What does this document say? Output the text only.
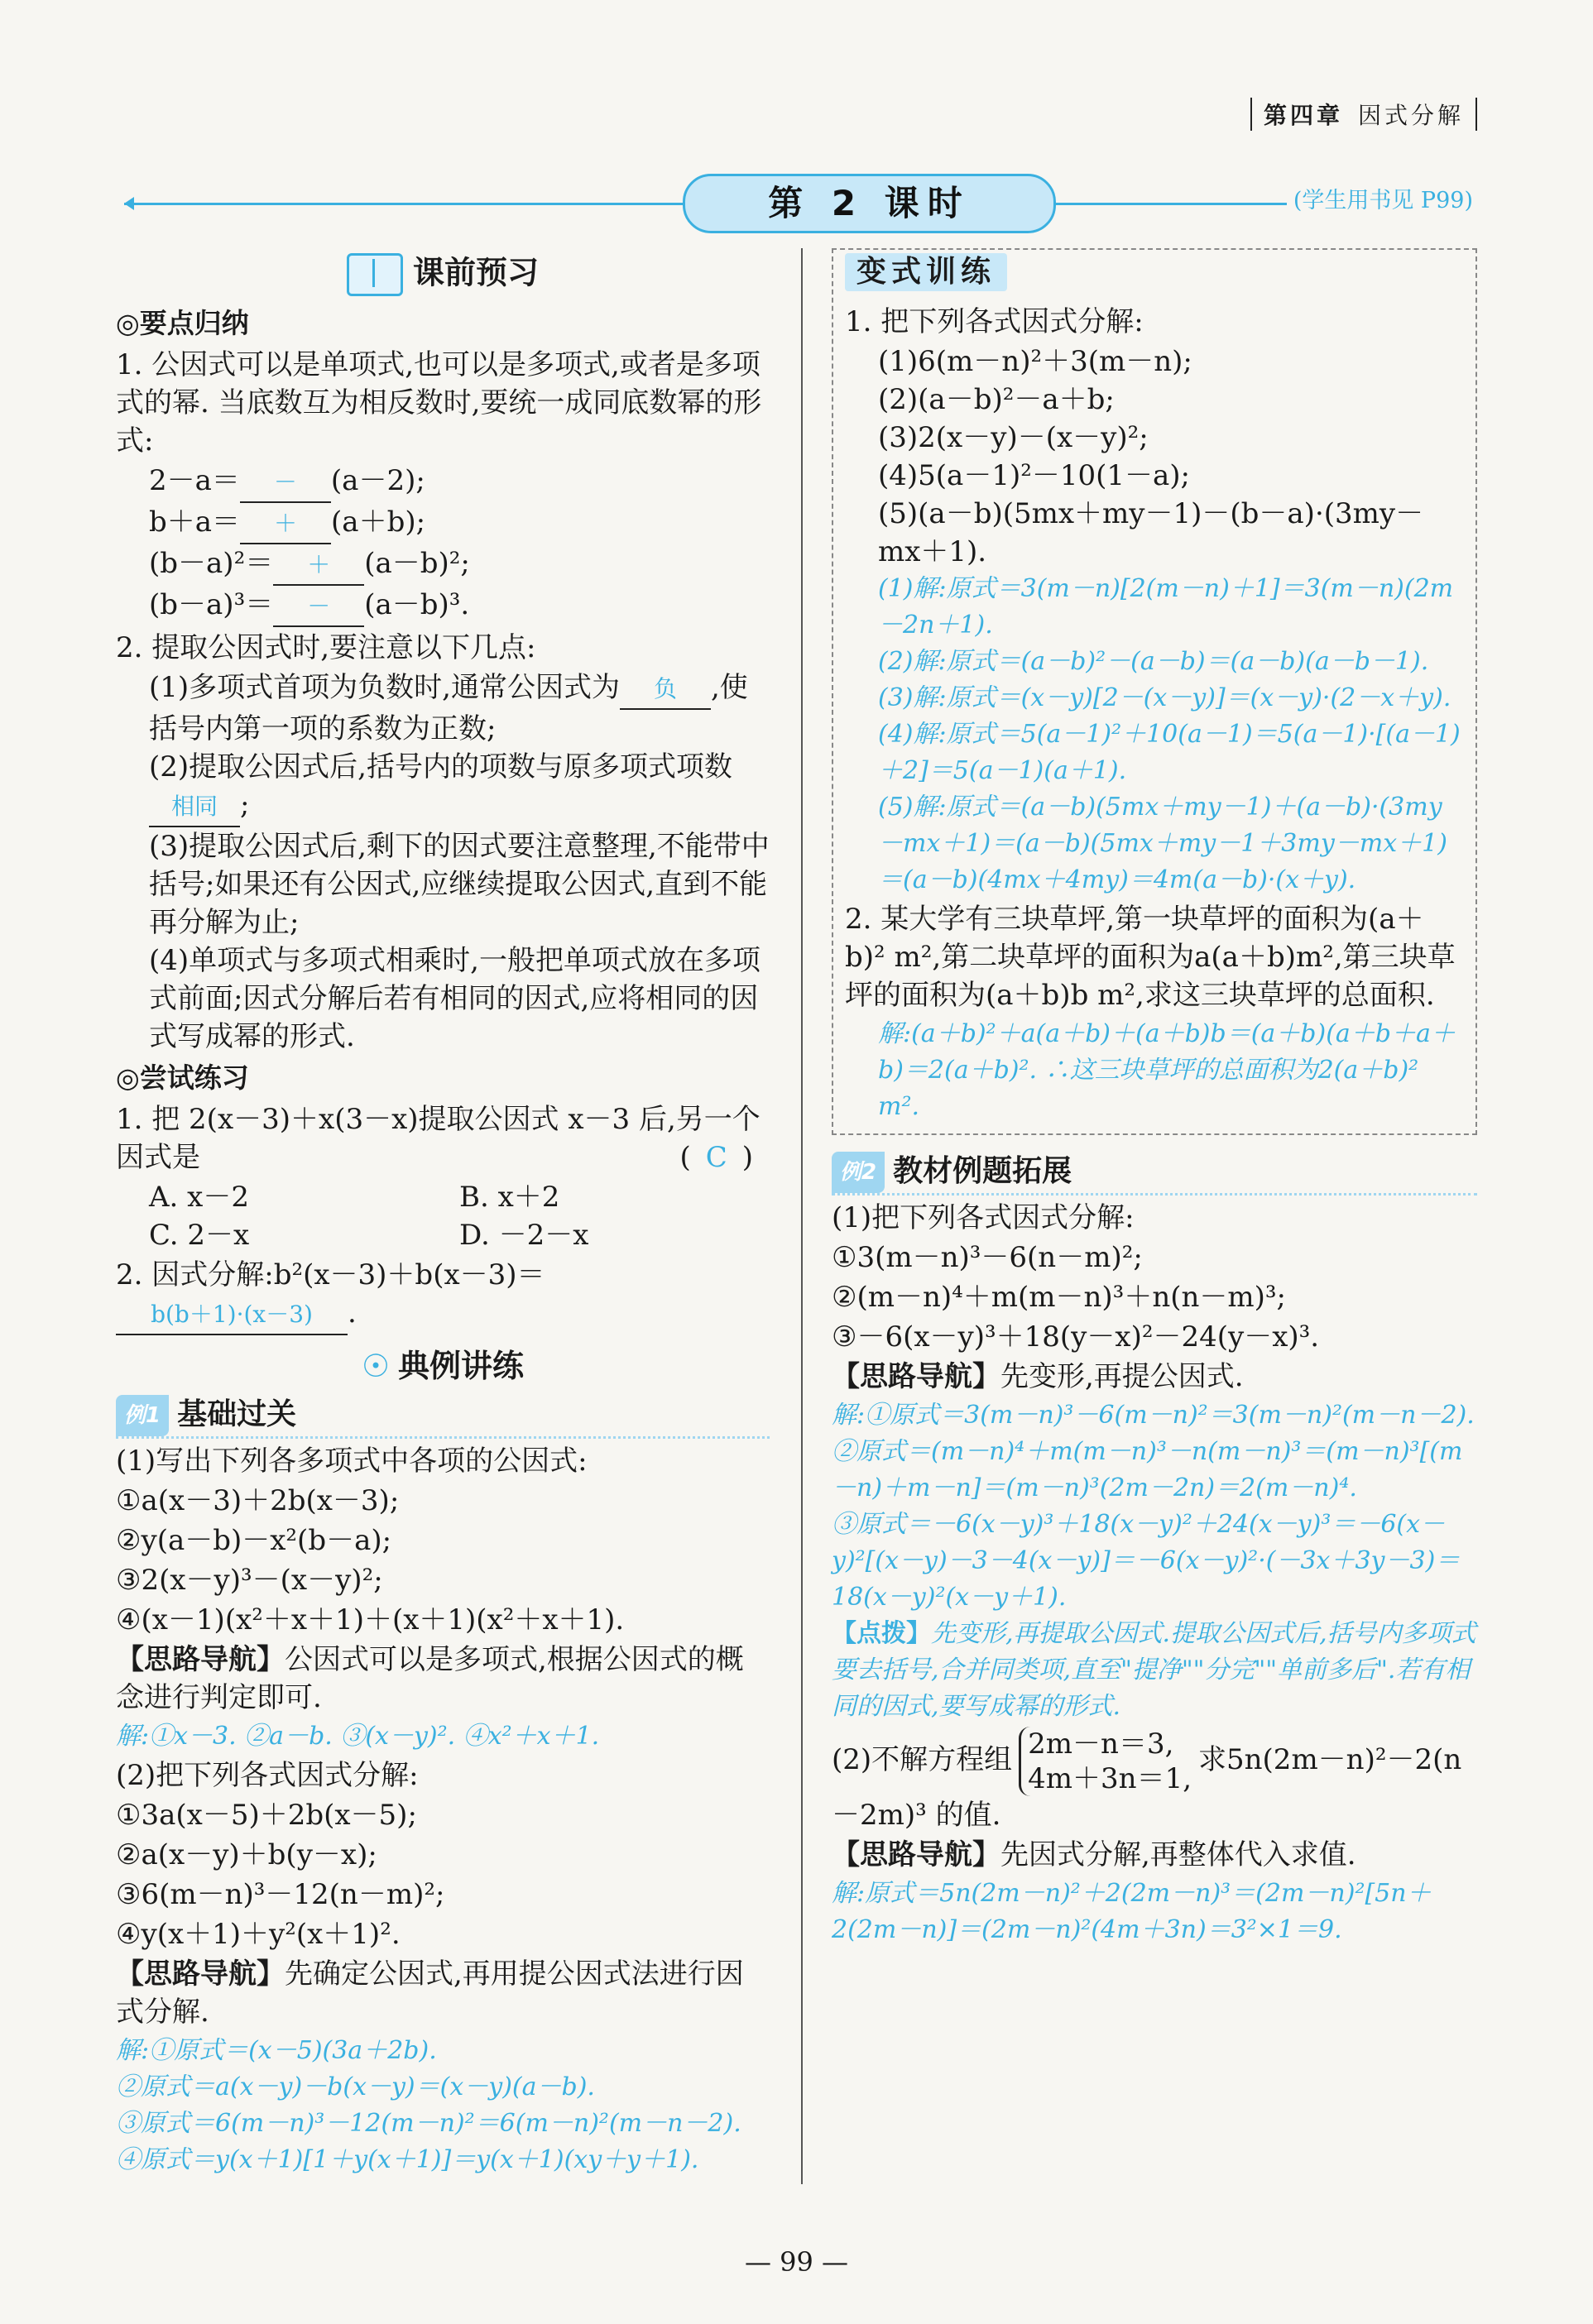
第四章 因式分解
第 2 课时	(学生用书见 P99)
课前预习
◎要点归纳
1. 公因式可以是单项式,也可以是多项式,或者是多项式的幂. 当底数互为相反数时,要统一成同底数幂的形式:
2－a＝ － (a－2);
b＋a＝ ＋ (a＋b);
(b－a)²＝ ＋ (a－b)²;
(b－a)³＝ － (a－b)³.
2. 提取公因式时,要注意以下几点:
(1)多项式首项为负数时,通常公因式为 负 ,使括号内第一项的系数为正数;
(2)提取公因式后,括号内的项数与原多项式项数相同 ;
(3)提取公因式后,剩下的因式要注意整理,不能带中括号;如果还有公因式,应继续提取公因式,直到不能再分解为止;
(4)单项式与多项式相乘时,一般把单项式放在多项式前面;因式分解后若有相同的因式,应将相同的因式写成幂的形式.
◎尝试练习
1. 把 2(x－3)＋x(3－x)提取公因式 x－3 后,另一个因式是	( C )
A. x－2	B. x＋2
C. 2－x	D. －2－x
2. 因式分解:b²(x－3)＋b(x－3)＝b(b＋1)·(x－3) .
☉ 典例讲练
例1 基础过关
(1)写出下列各多项式中各项的公因式:
①a(x－3)＋2b(x－3);
②y(a－b)－x²(b－a);
③2(x－y)³－(x－y)²;
④(x－1)(x²＋x＋1)＋(x＋1)(x²＋x＋1).
【思路导航】公因式可以是多项式,根据公因式的概念进行判定即可.
解:①x－3. ②a－b. ③(x－y)². ④x²＋x＋1.
(2)把下列各式因式分解:
①3a(x－5)＋2b(x－5);
②a(x－y)＋b(y－x);
③6(m－n)³－12(n－m)²;
④y(x＋1)＋y²(x＋1)².
【思路导航】先确定公因式,再用提公因式法进行因式分解.
解:①原式＝(x－5)(3a＋2b).
②原式＝a(x－y)－b(x－y)＝(x－y)(a－b).
③原式＝6(m－n)³－12(m－n)²＝6(m－n)²(m－n－2).
④原式＝y(x＋1)[1＋y(x＋1)]＝y(x＋1)(xy＋y＋1).
变式训练
1. 把下列各式因式分解:
(1)6(m－n)²＋3(m－n);
(2)(a－b)²－a＋b;
(3)2(x－y)－(x－y)²;
(4)5(a－1)²－10(1－a);
(5)(a－b)(5mx＋my－1)－(b－a)·(3my－mx＋1).
(1)解:原式＝3(m－n)[2(m－n)＋1]＝3(m－n)(2m－2n＋1).
(2)解:原式＝(a－b)²－(a－b)＝(a－b)(a－b－1).
(3)解:原式＝(x－y)[2－(x－y)]＝(x－y)·(2－x＋y).
(4)解:原式＝5(a－1)²＋10(a－1)＝5(a－1)·[(a－1)＋2]＝5(a－1)(a＋1).
(5)解:原式＝(a－b)(5mx＋my－1)＋(a－b)·(3my－mx＋1)＝(a－b)(5mx＋my－1＋3my－mx＋1)＝(a－b)(4mx＋4my)＝4m(a－b)·(x＋y).
2. 某大学有三块草坪,第一块草坪的面积为(a＋b)² m²,第二块草坪的面积为a(a＋b)m²,第三块草坪的面积为(a＋b)b m²,求这三块草坪的总面积.
解:(a＋b)²＋a(a＋b)＋(a＋b)b＝(a＋b)(a＋b＋a＋b)＝2(a＋b)². ∴这三块草坪的总面积为2(a＋b)² m².
例2 教材例题拓展
(1)把下列各式因式分解:
①3(m－n)³－6(n－m)²;
②(m－n)⁴＋m(m－n)³＋n(n－m)³;
③－6(x－y)³＋18(y－x)²－24(y－x)³.
【思路导航】先变形,再提公因式.
解:①原式＝3(m－n)³－6(m－n)²＝3(m－n)²(m－n－2).
②原式＝(m－n)⁴＋m(m－n)³－n(m－n)³＝(m－n)³[(m－n)＋m－n]＝(m－n)³(2m－2n)＝2(m－n)⁴.
③原式＝－6(x－y)³＋18(x－y)²＋24(x－y)³＝－6(x－y)²[(x－y)－3－4(x－y)]＝－6(x－y)²·(－3x＋3y－3)＝18(x－y)²(x－y＋1).
【点拨】先变形,再提取公因式.提取公因式后,括号内多项式要去括号,合并同类项,直至"提净""分完""单前多后".若有相同的因式,要写成幂的形式.
(2)不解方程组 2m－n＝3,
4m＋3n＝1,求5n(2m－n)²－2(n－2m)³ 的值.
【思路导航】先因式分解,再整体代入求值.
解:原式＝5n(2m－n)²＋2(2m－n)³＝(2m－n)²[5n＋2(2m－n)]＝(2m－n)²(4m＋3n)＝3²×1＝9.
— 99 —
